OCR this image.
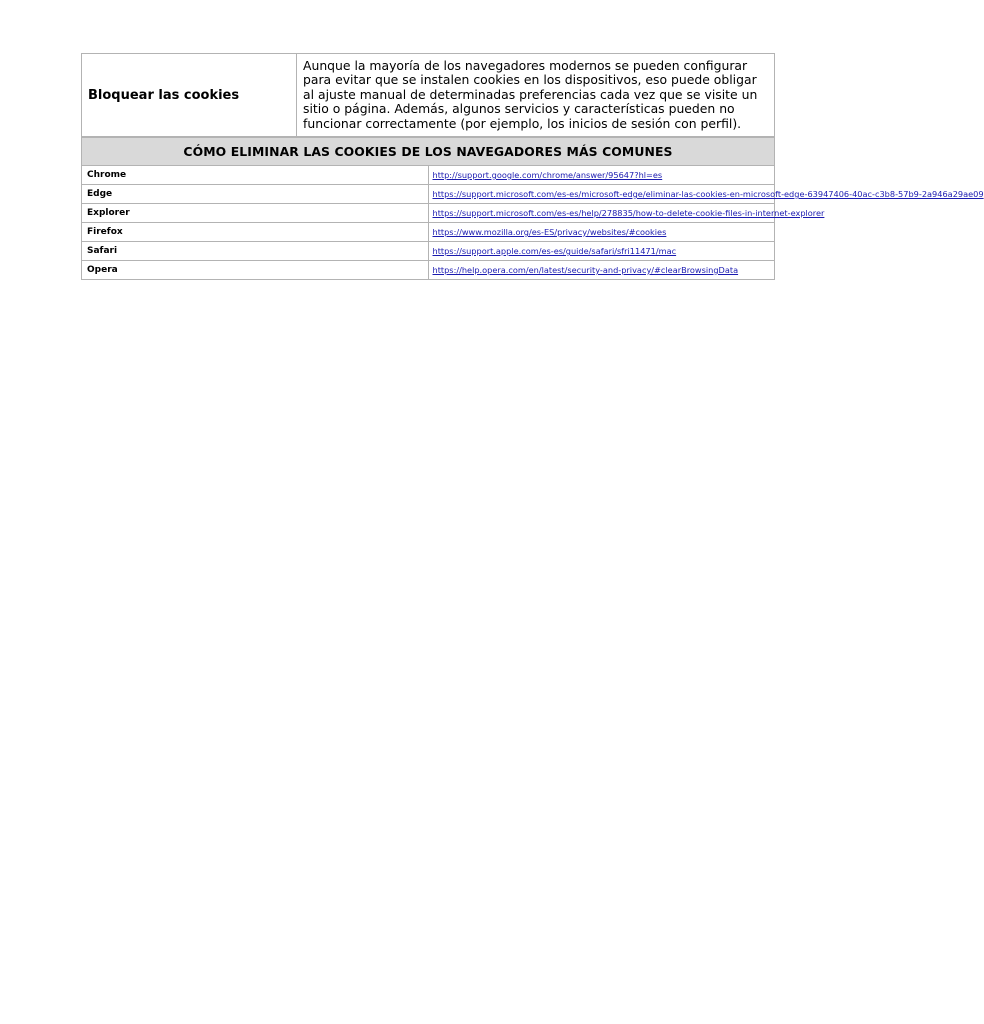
Bloquear las cookies	Aunque la mayoría de los navegadores modernos se pueden configurar para evitar que se instalen cookies en los dispositivos, eso puede obligar al ajuste manual de determinadas preferencias cada vez que se visite un sitio o página. Además, algunos servicios y características pueden no funcionar correctamente (por ejemplo, los inicios de sesión con perfil).
CÓMO ELIMINAR LAS COOKIES DE LOS NAVEGADORES MÁS COMUNES	
Chrome	http://support.google.com/chrome/answer/95647?hl=es
Edge	https://support.microsoft.com/es-es/microsoft-edge/eliminar-las-cookies-en-microsoft-edge-63947406-40ac-c3b8-57b9-2a946a29ae09
Explorer	https://support.microsoft.com/es-es/help/278835/how-to-delete-cookie-files-in-internet-explorer
Firefox	https://www.mozilla.org/es-ES/privacy/websites/#cookies
Safari	https://support.apple.com/es-es/guide/safari/sfri11471/mac
Opera	https://help.opera.com/en/latest/security-and-privacy/#clearBrowsingData
